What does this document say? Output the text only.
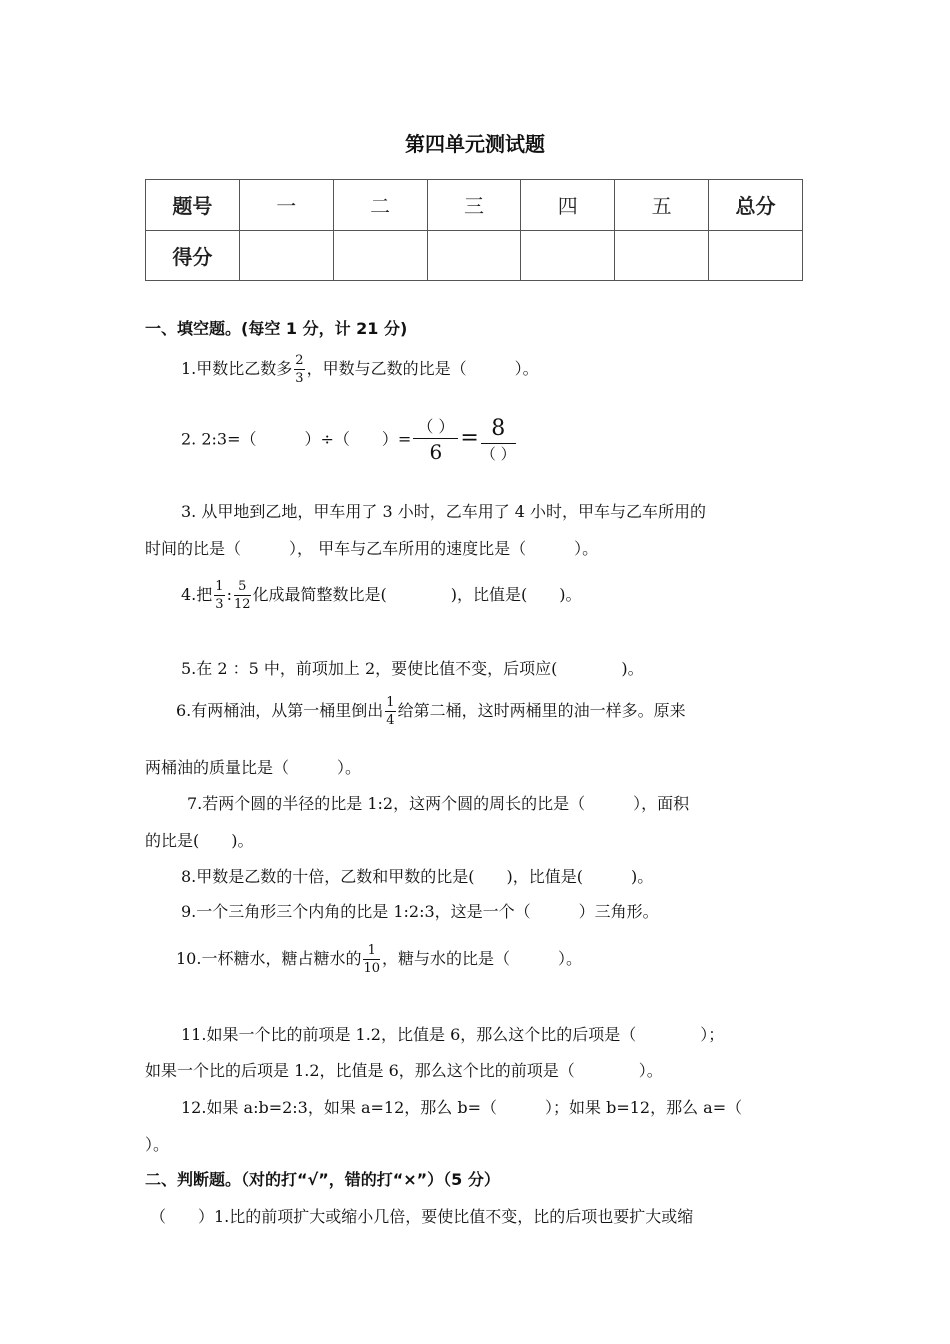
第四单元测试题
题号	一	二	三	四	五	总分
得分						
一、填空题。(每空 1 分，计 21 分)
1.甲数比乙数多 $\frac{2}{3}$ ，甲数与乙数的比是（　　　）。
2. 2:3=（　　　）÷（　　）=
（ ）
6
= 8
（ ）
3. 从甲地到乙地，甲车用了 3 小时，乙车用了 4 小时，甲车与乙车所用的
时间的比是（　　　）， 甲车与乙车所用的速度比是（　　　）。
4.把 $\frac{1}{3}$ : $\frac{5}{12}$ 化成最简整数比是(　　　　)，比值是(　　)。
5.在 2 ：5 中，前项加上 2，要使比值不变，后项应(　　　　)。
6.有两桶油，从第一桶里倒出 $\frac{1}{4}$ 给第二桶，这时两桶里的油一样多。原来
两桶油的质量比是（　　　）。
7.若两个圆的半径的比是 1:2，这两个圆的周长的比是（　　　），面积
的比是(　　)。
8.甲数是乙数的十倍，乙数和甲数的比是(　　)，比值是(　　　)。
9.一个三角形三个内角的比是 1:2:3，这是一个（　　　）三角形。
10.一杯糖水，糖占糖水的 $\frac{1}{10}$ ，糖与水的比是（　　　）。
11.如果一个比的前项是 1.2，比值是 6，那么这个比的后项是（　　　　）；
如果一个比的后项是 1.2，比值是 6，那么这个比的前项是（　　　　）。
12.如果 a:b=2:3，如果 a=12，那么 b=（　　　）；如果 b=12，那么 a=（
）。
二、判断题。（对的打“√”，错的打“×”）（5 分）
（　　）1.比的前项扩大或缩小几倍，要使比值不变，比的后项也要扩大或缩
